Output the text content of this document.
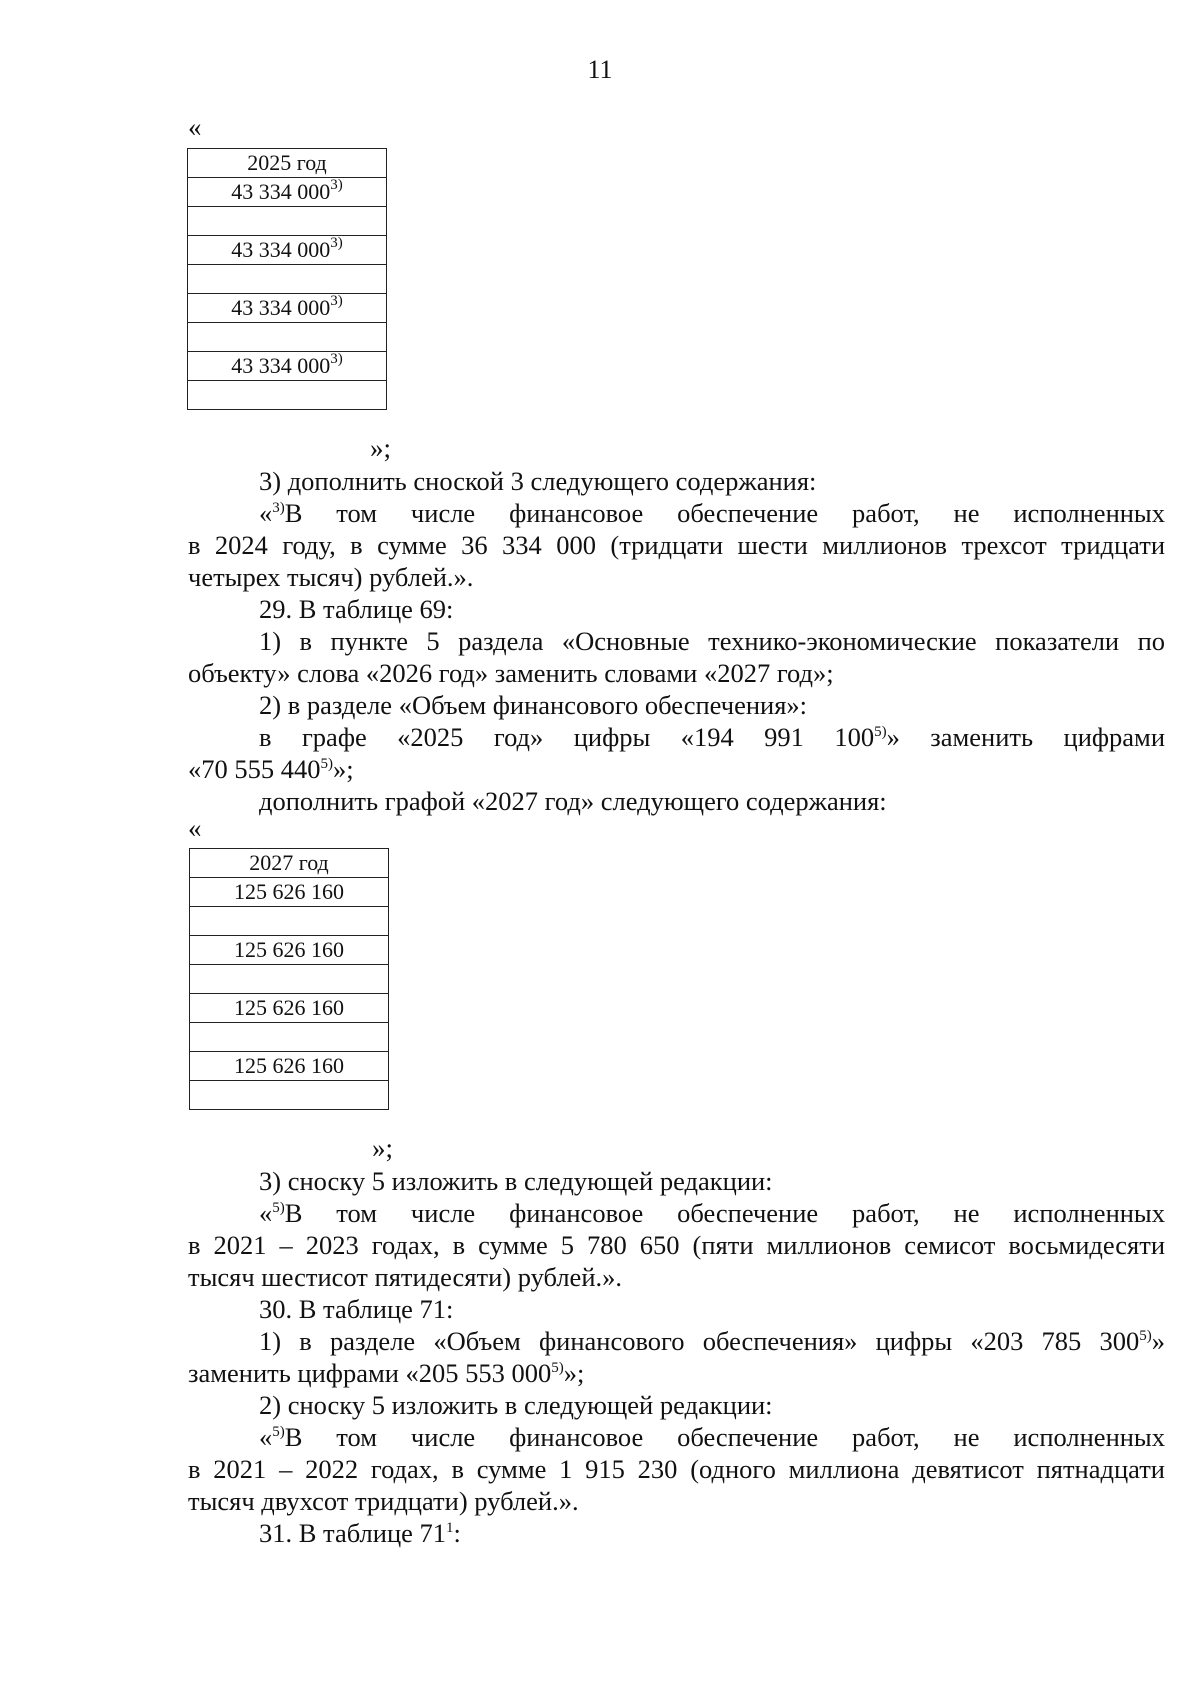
11
«
2025 год
43 334 000$^{3)}$

43 334 000$^{3)}$

43 334 000$^{3)}$

43 334 000$^{3)}$

»;
3) дополнить сноской 3 следующего содержания:
«$^{3)}$В том числе финансовое обеспечение работ, не исполненных
в 2024 году, в сумме 36 334 000 (тридцати шести миллионов трехсот тридцати
четырех тысяч) рублей.».
29. В таблице 69:
1) в пункте 5 раздела «Основные технико-экономические показатели по
объекту» слова «2026 год» заменить словами «2027 год»;
2) в разделе «Объем финансового обеспечения»:
в графе «2025 год» цифры «194 991 100$^{5)}$» заменить цифрами
«70 555 440$^{5)}$»;
дополнить графой «2027 год» следующего содержания:
«
2027 год
125 626 160

125 626 160

125 626 160

125 626 160

»;
3) сноску 5 изложить в следующей редакции:
«$^{5)}$В том числе финансовое обеспечение работ, не исполненных
в 2021 – 2023 годах, в сумме 5 780 650 (пяти миллионов семисот восьмидесяти
тысяч шестисот пятидесяти) рублей.».
30. В таблице 71:
1) в разделе «Объем финансового обеспечения» цифры «203 785 300$^{5)}$»
заменить цифрами «205 553 000$^{5)}$»;
2) сноску 5 изложить в следующей редакции:
«$^{5)}$В том числе финансовое обеспечение работ, не исполненных
в 2021 – 2022 годах, в сумме 1 915 230 (одного миллиона девятисот пятнадцати
тысяч двухсот тридцати) рублей.».
31. В таблице $71^1$:
